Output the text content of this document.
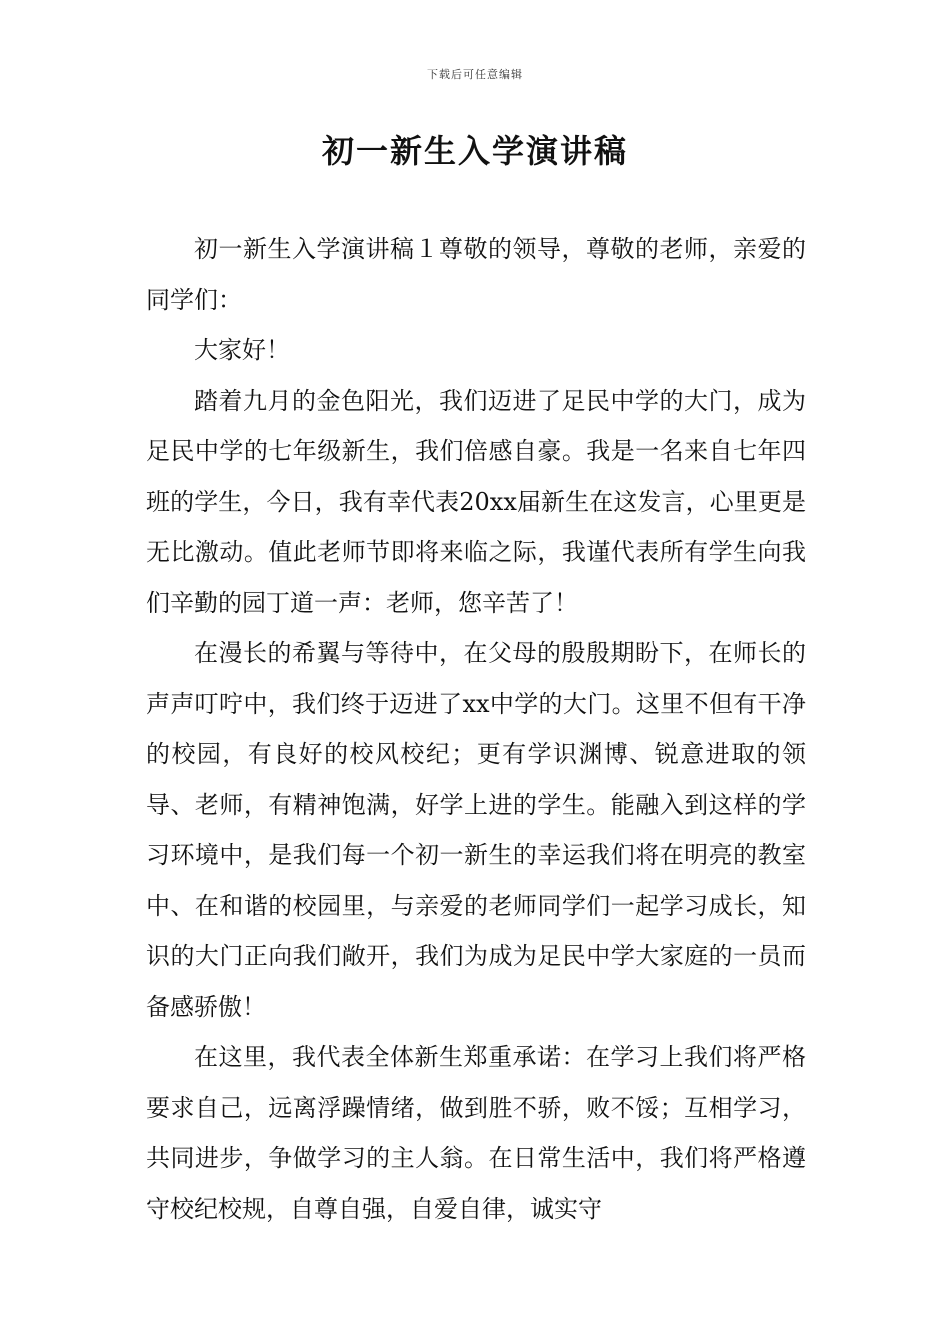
下载后可任意编辑
初一新生入学演讲稿

初一新生入学演讲稿１尊敬的领导，尊敬的老师，亲爱的同学们：

大家好！

踏着九月的金色阳光，我们迈进了足民中学的大门，成为足民中学的七年级新生，我们倍感自豪。我是一名来自七年四班的学生，今日，我有幸代表20xx届新生在这发言，心里更是无比激动。值此老师节即将来临之际，我谨代表所有学生向我们辛勤的园丁道一声：老师，您辛苦了！

在漫长的希翼与等待中，在父母的殷殷期盼下，在师长的声声叮咛中，我们终于迈进了xx中学的大门。这里不但有干净的校园，有良好的校风校纪；更有学识渊博、锐意进取的领导、老师，有精神饱满，好学上进的学生。能融入到这样的学习环境中，是我们每一个初一新生的幸运我们将在明亮的教室中、在和谐的校园里，与亲爱的老师同学们一起学习成长，知识的大门正向我们敞开，我们为成为足民中学大家庭的一员而备感骄傲！

在这里，我代表全体新生郑重承诺：在学习上我们将严格要求自己，远离浮躁情绪，做到胜不骄，败不馁；互相学习，共同进步，争做学习的主人翁。在日常生活中，我们将严格遵守校纪校规，自尊自强，自爱自律，诚实守
